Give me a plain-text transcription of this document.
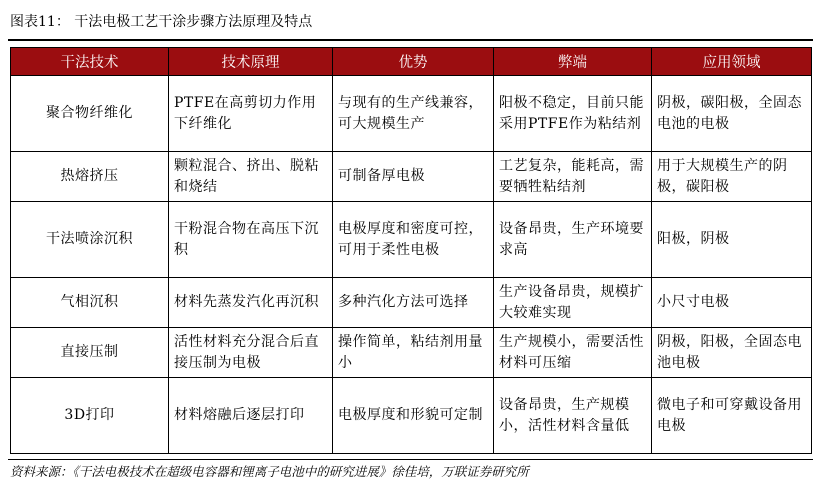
图表11： 干法电极工艺干涂步骤方法原理及特点
干法技术	技术原理	优势	弊端	应用领域
聚合物纤维化	PTFE在高剪切力作用下纤维化	与现有的生产线兼容，可大规模生产	阳极不稳定，目前只能采用PTFE作为粘结剂	阴极，碳阳极，全固态电池的电极
热熔挤压	颗粒混合、挤出、脱粘和烧结	可制备厚电极	工艺复杂，能耗高，需要牺牲粘结剂	用于大规模生产的阴极，碳阳极
干法喷涂沉积	干粉混合物在高压下沉积	电极厚度和密度可控，可用于柔性电极	设备昂贵，生产环境要求高	阳极，阴极
气相沉积	材料先蒸发汽化再沉积	多种汽化方法可选择	生产设备昂贵，规模扩大较难实现	小尺寸电极
直接压制	活性材料充分混合后直接压制为电极	操作简单，粘结剂用量小	生产规模小，需要活性材料可压缩	阴极，阳极，全固态电池电极
3D打印	材料熔融后逐层打印	电极厚度和形貌可定制	设备昂贵，生产规模小，活性材料含量低	微电子和可穿戴设备用电极
资料来源：《干法电极技术在超级电容器和锂离子电池中的研究进展》徐佳培，万联证券研究所
